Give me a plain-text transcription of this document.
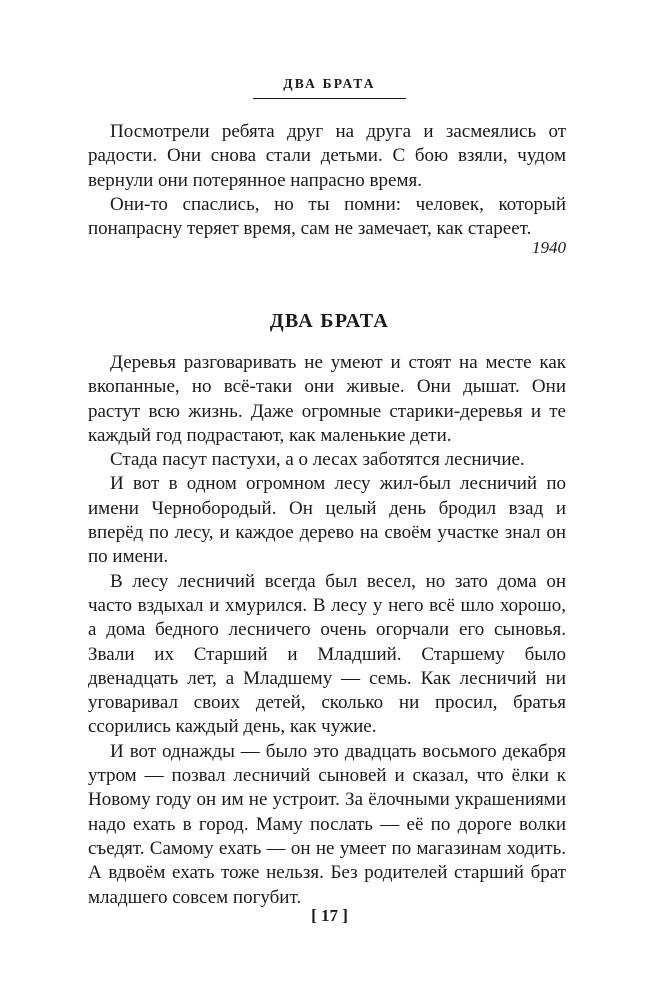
ДВА БРАТА

Посмотрели ребята друг на друга и засмеялись от радости. Они снова стали детьми. С бою взяли, чудом вернули они потерянное напрасно время.

Они-то спаслись, но ты помни: человек, который понапрасну теряет время, сам не замечает, как стареет.

1940
ДВА БРАТА

Деревья разговаривать не умеют и стоят на месте как вкопанные, но всё-таки они живые. Они дышат. Они растут всю жизнь. Даже огромные старики-деревья и те каждый год подрастают, как маленькие дети.

Стада пасут пастухи, а о лесах заботятся лесничие.

И вот в одном огромном лесу жил-был лесничий по имени Чернобородый. Он целый день бродил взад и вперёд по лесу, и каждое дерево на своём участке знал он по имени.

В лесу лесничий всегда был весел, но зато дома он часто вздыхал и хмурился. В лесу у него всё шло хорошо, а дома бедного лесничего очень огорчали его сыновья. Звали их Старший и Младший. Старшему было двенадцать лет, а Младшему — семь. Как лесничий ни уговаривал своих детей, сколько ни просил, братья ссорились каждый день, как чужие.

И вот однажды — было это двадцать восьмого декабря утром — позвал лесничий сыновей и сказал, что ёлки к Новому году он им не устроит. За ёлочными украшениями надо ехать в город. Маму послать — её по дороге волки съедят. Самому ехать — он не умеет по магазинам ходить. А вдвоём ехать тоже нельзя. Без родителей старший брат младшего совсем погубит.

[ 17 ]
